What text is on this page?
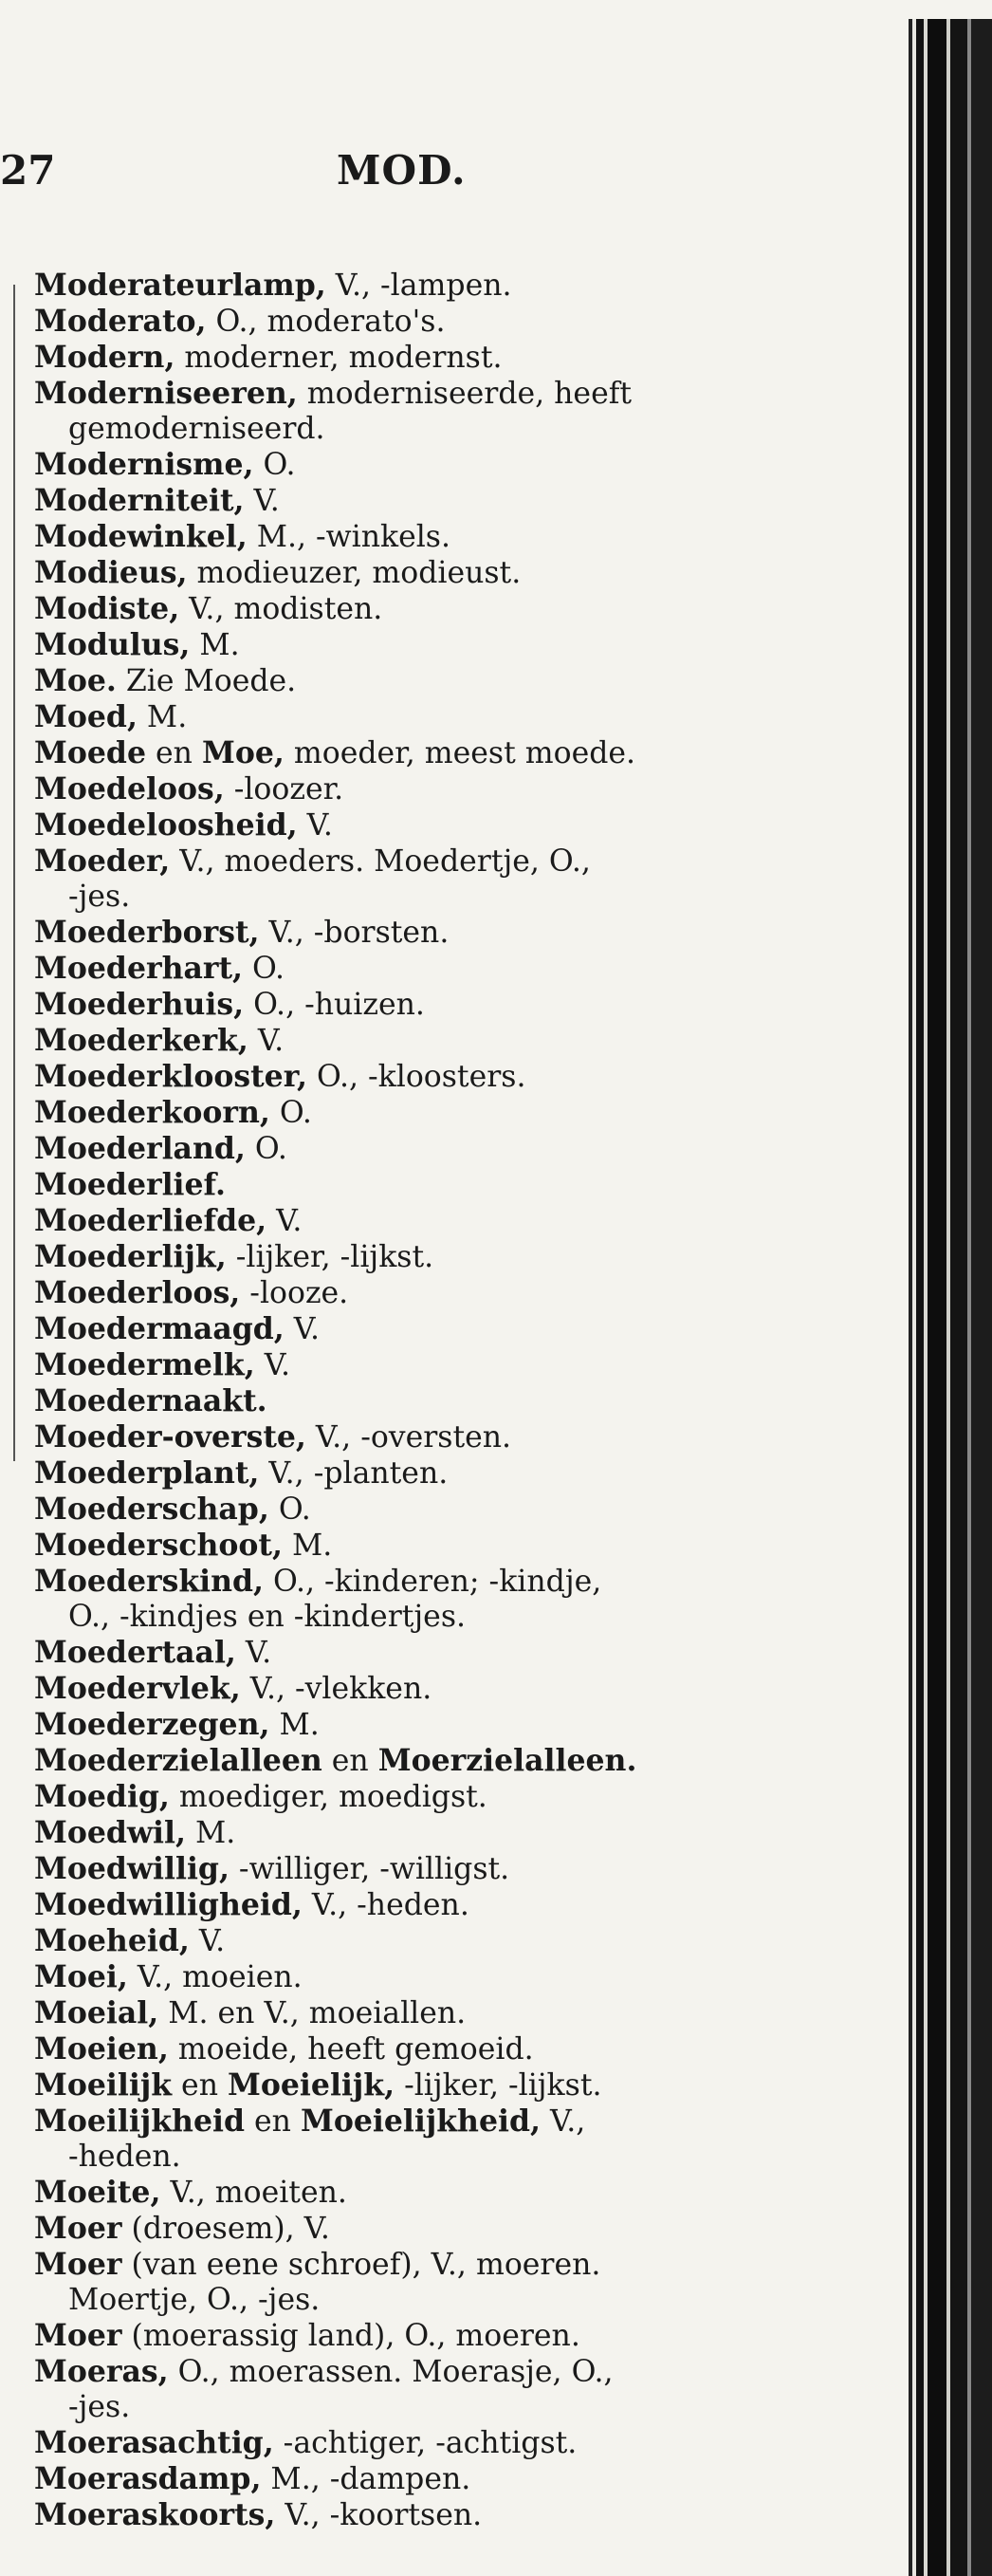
27	MOD.
Moderateurlamp, V., -lampen.
Moderato, O., moderato's.
Modern, moderner, modernst.
Moderniseeren, moderniseerde, heeft
gemoderniseerd.
Modernisme, O.
Moderniteit, V.
Modewinkel, M., -winkels.
Modieus, modieuzer, modieust.
Modiste, V., modisten.
Modulus, M.
Moe. Zie Moede.
Moed, M.
Moede en Moe, moeder, meest moede.
Moedeloos, -loozer.
Moedeloosheid, V.
Moeder, V., moeders. Moedertje, O.,
-jes.
Moederborst, V., -borsten.
Moederhart, O.
Moederhuis, O., -huizen.
Moederkerk, V.
Moederklooster, O., -kloosters.
Moederkoorn, O.
Moederland, O.
Moederlief.
Moederliefde, V.
Moederlijk, -lijker, -lijkst.
Moederloos, -looze.
Moedermaagd, V.
Moedermelk, V.
Moedernaakt.
Moeder-overste, V., -oversten.
Moederplant, V., -planten.
Moederschap, O.
Moederschoot, M.
Moederskind, O., -kinderen; -kindje,
O., -kindjes en -kindertjes.
Moedertaal, V.
Moedervlek, V., -vlekken.
Moederzegen, M.
Moederzielalleen en Moerzielalleen.
Moedig, moediger, moedigst.
Moedwil, M.
Moedwillig, -williger, -willigst.
Moedwilligheid, V., -heden.
Moeheid, V.
Moei, V., moeien.
Moeial, M. en V., moeiallen.
Moeien, moeide, heeft gemoeid.
Moeilijk en Moeielijk, -lijker, -lijkst.
Moeilijkheid en Moeielijkheid, V.,
-heden.
Moeite, V., moeiten.
Moer (droesem), V.
Moer (van eene schroef), V., moeren.
Moertje, O., -jes.
Moer (moerassig land), O., moeren.
Moeras, O., moerassen. Moerasje, O.,
-jes.
Moerasachtig, -achtiger, -achtigst.
Moerasdamp, M., -dampen.
Moeraskoorts, V., -koortsen.
